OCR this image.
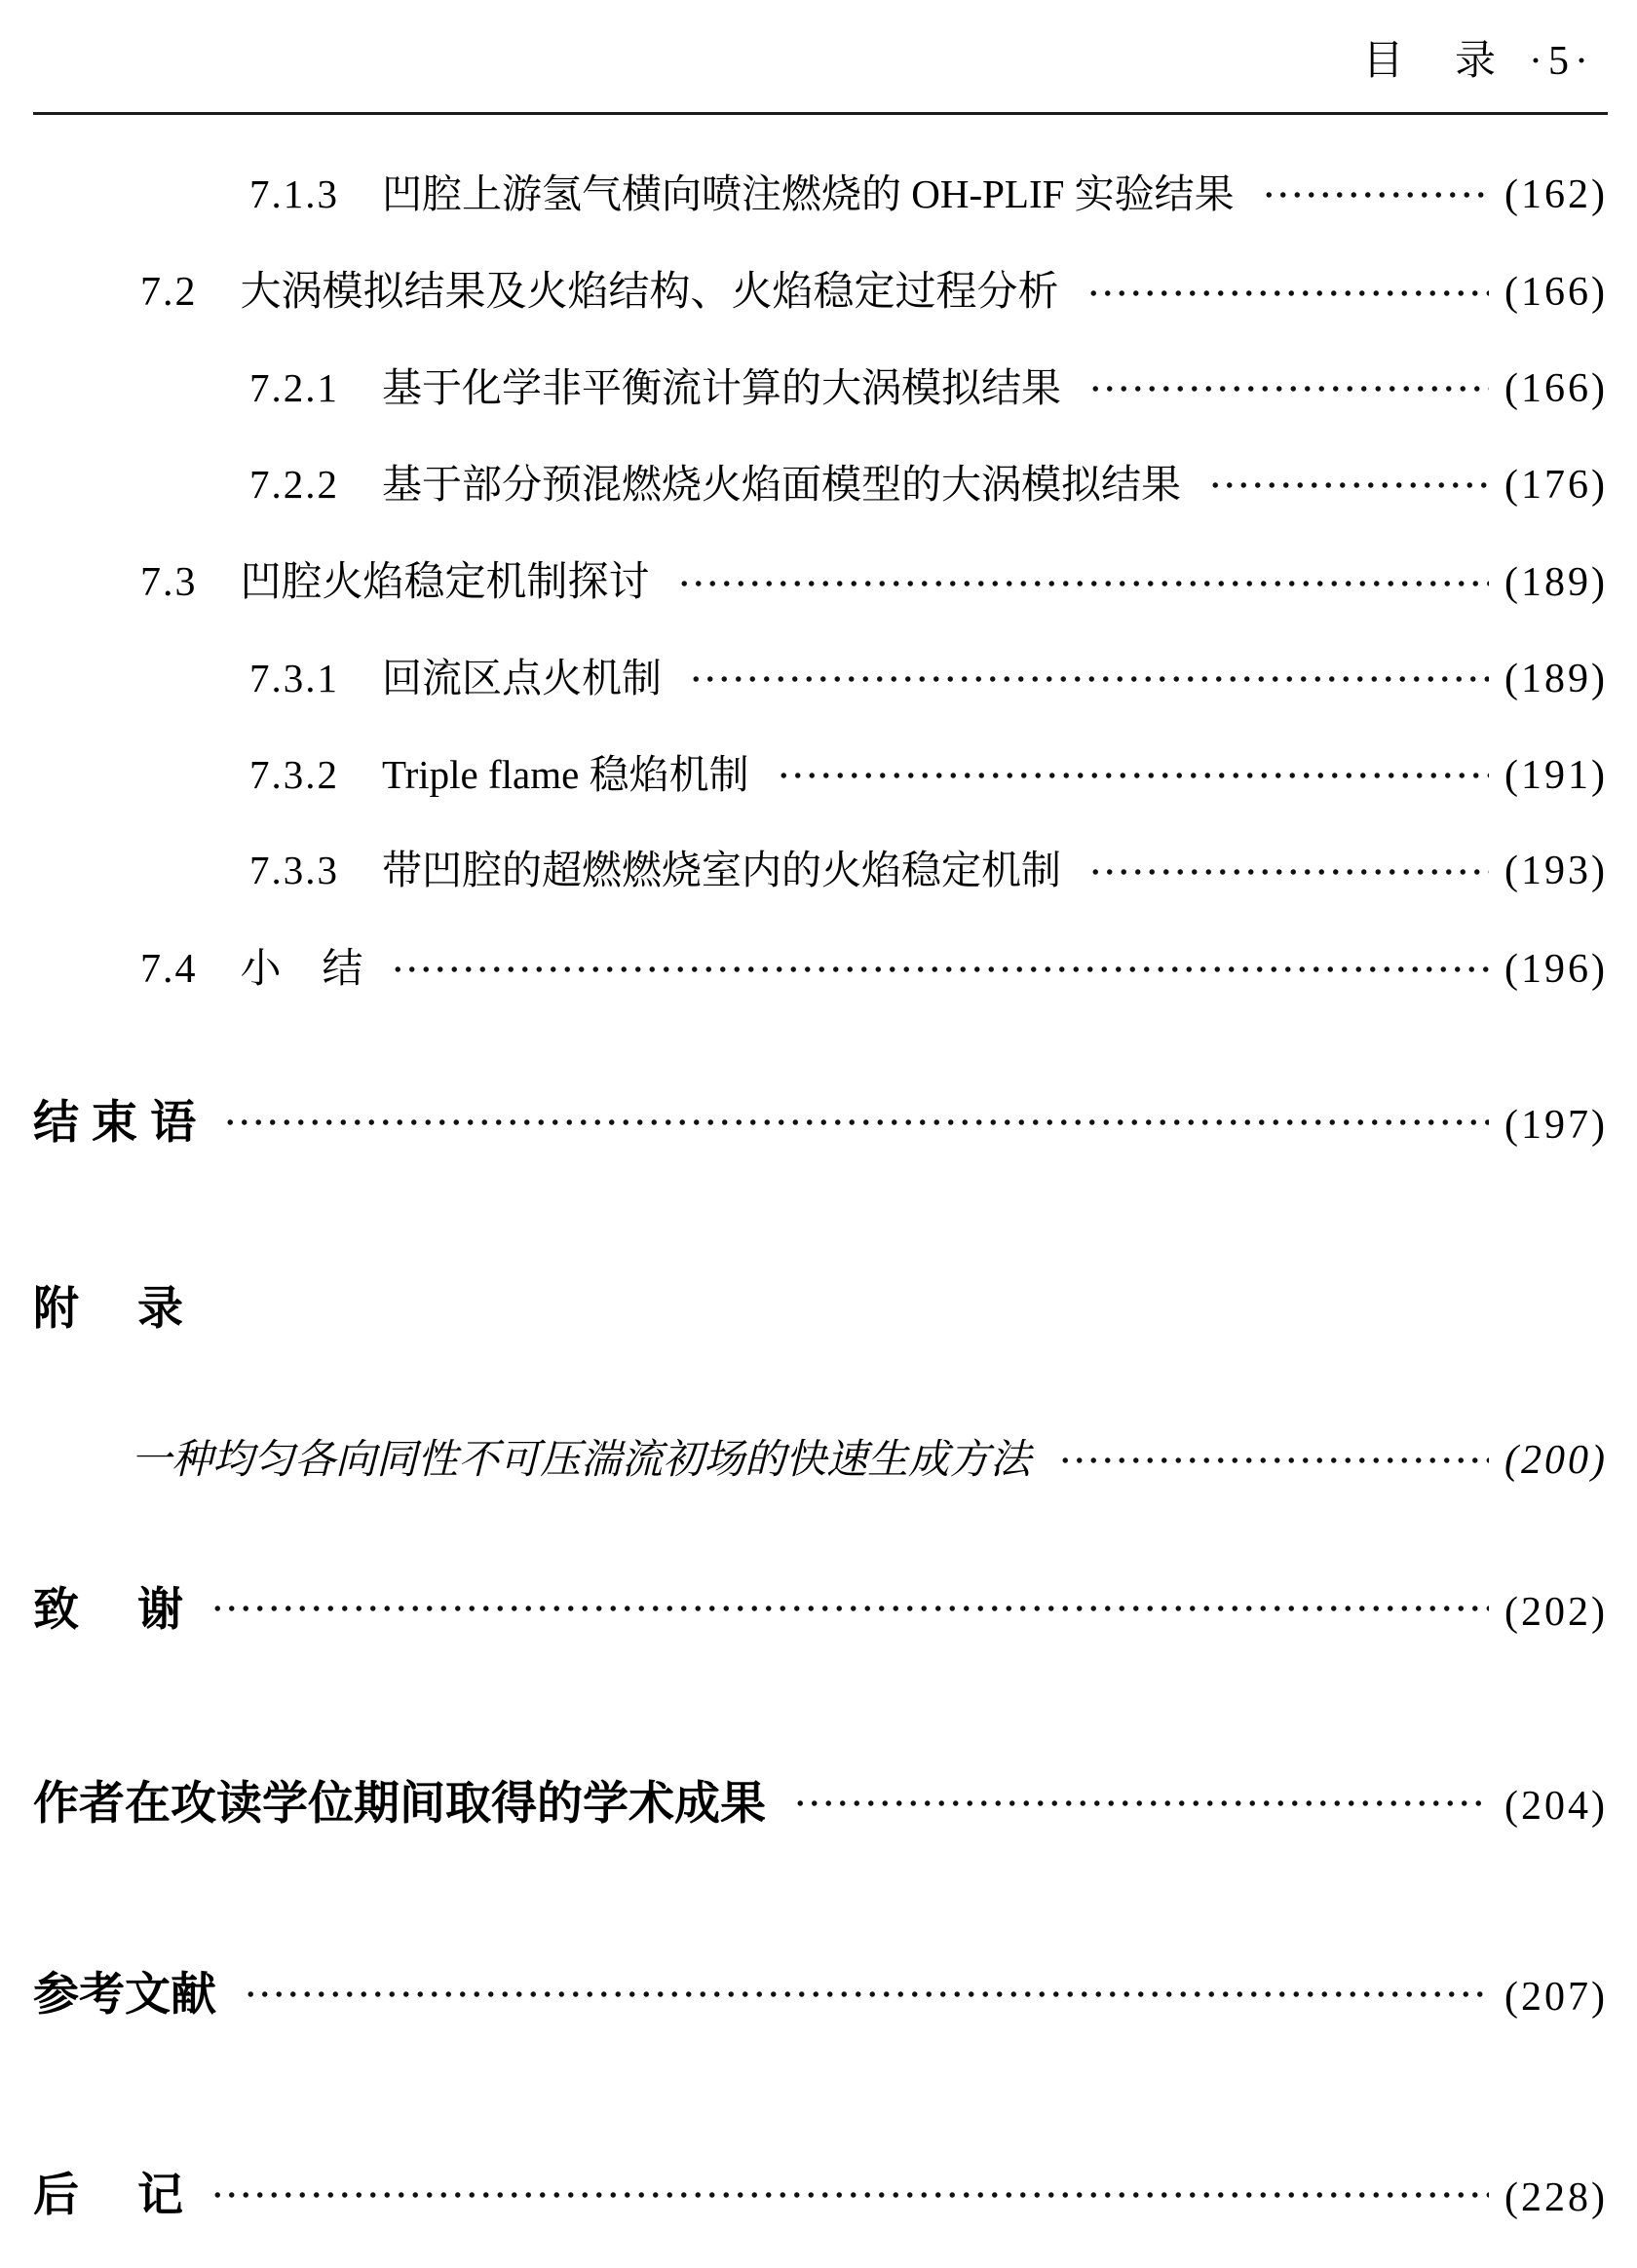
目　 录 ·5·
7.1.3 凹腔上游氢气横向喷注燃烧的 OH-PLIF 实验结果	(162)
7.2 大涡模拟结果及火焰结构、火焰稳定过程分析	(166)
7.2.1 基于化学非平衡流计算的大涡模拟结果	(166)
7.2.2 基于部分预混燃烧火焰面模型的大涡模拟结果	(176)
7.3 凹腔火焰稳定机制探讨	(189)
7.3.1 回流区点火机制	(189)
7.3.2 Triple flame 稳焰机制	(191)
7.3.3 带凹腔的超燃燃烧室内的火焰稳定机制	(193)
7.4 小　结	(196)
结 束 语	(197)
附　 录
一种均匀各向同性不可压湍流初场的快速生成方法	(200)
致　 谢	(202)
作者在攻读学位期间取得的学术成果	(204)
参考文献	(207)
后　 记	(228)
